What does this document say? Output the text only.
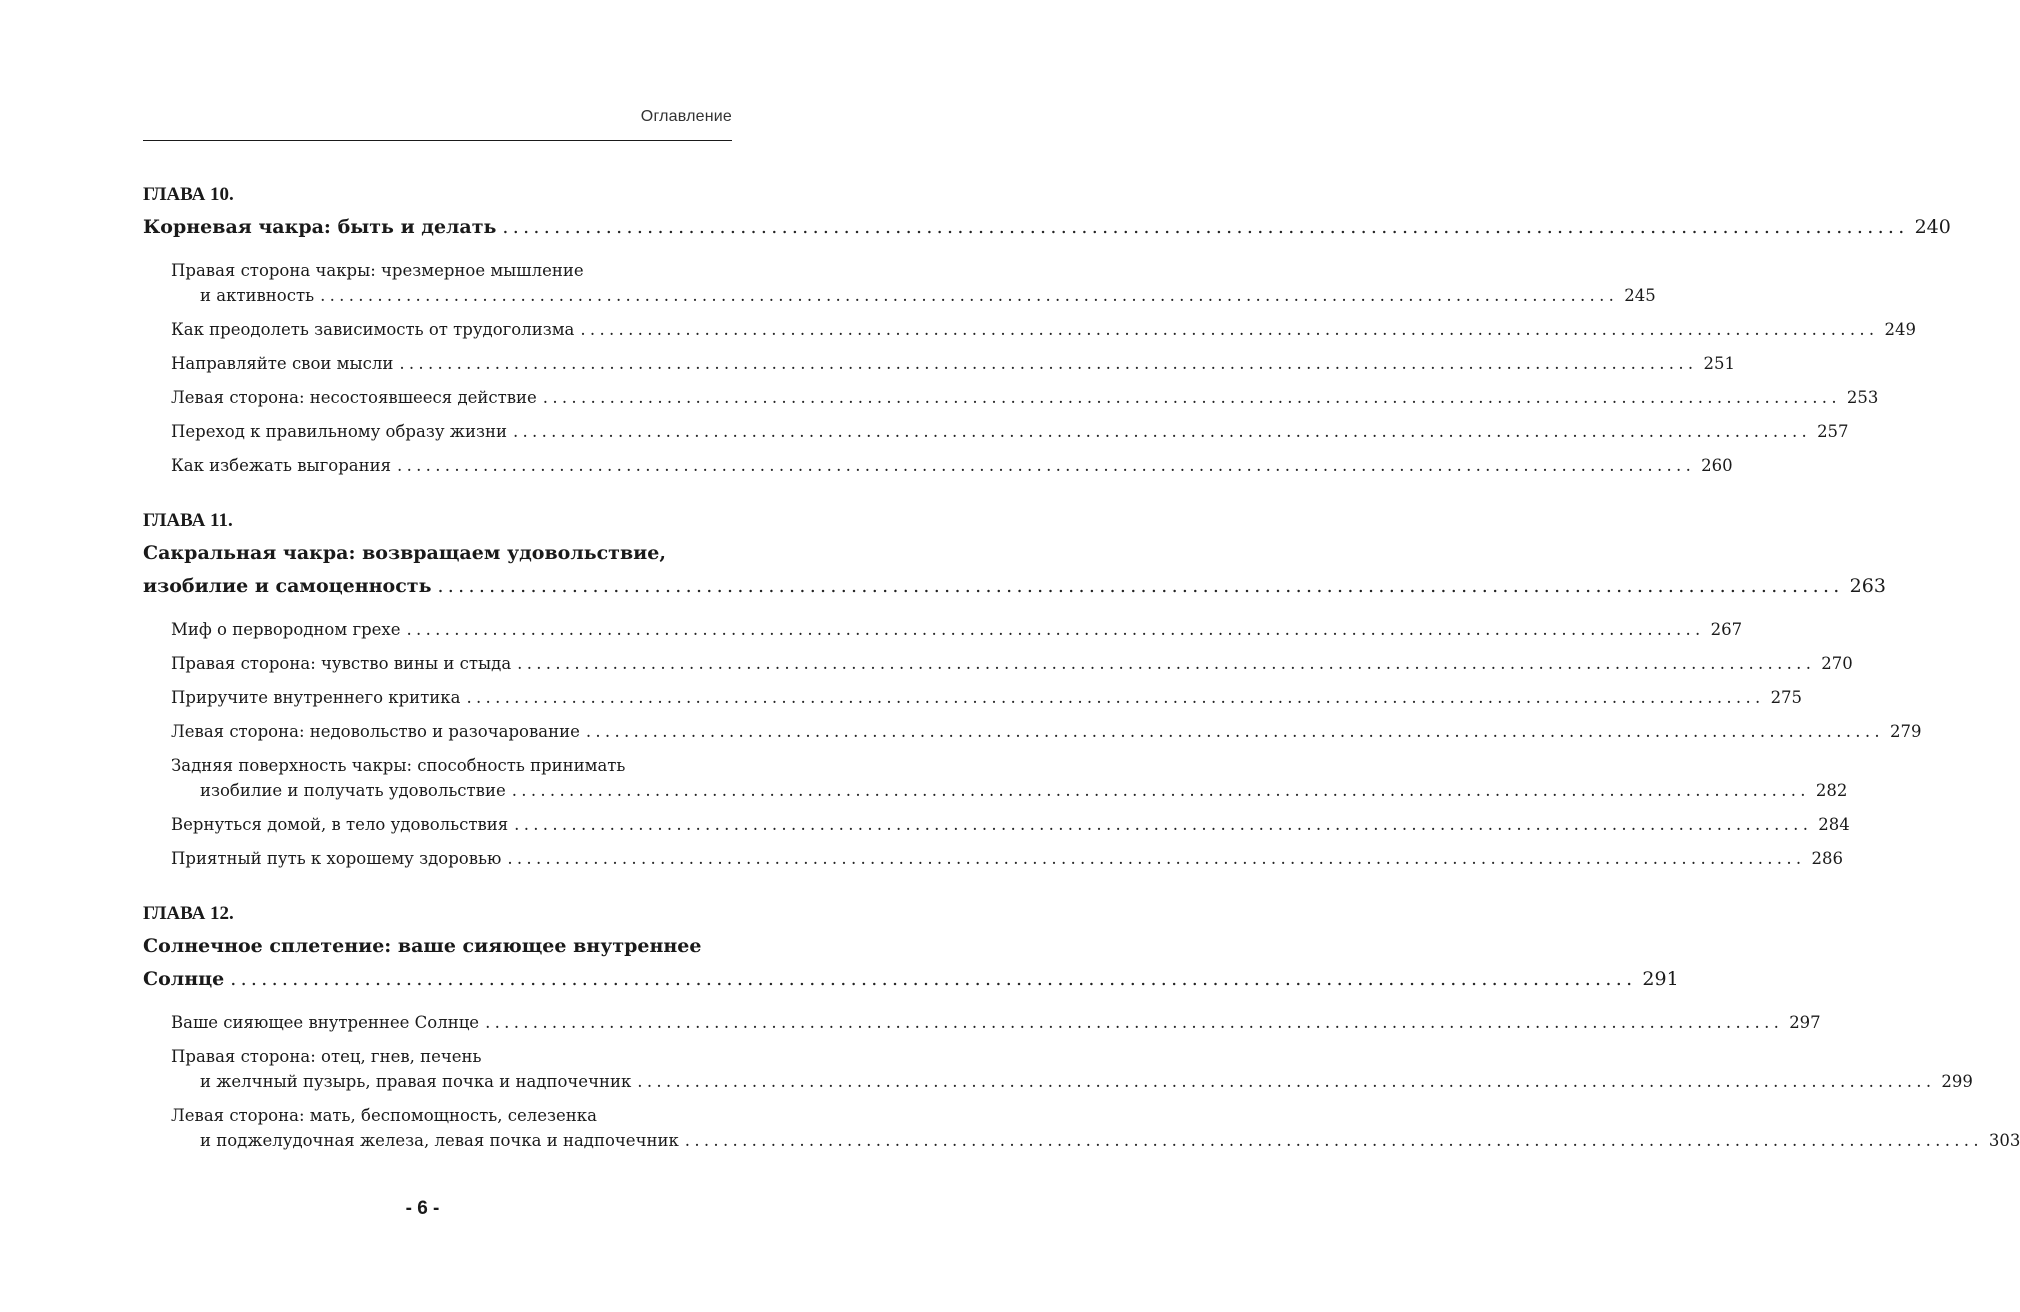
Оглавление
ГЛАВА 10.
Корневая чакра: быть и делать .....	240
Правая сторона чакры: чрезмерное мышление
и активность .....	245
Как преодолеть зависимость от трудоголизма .....	249
Направляйте свои мысли .....	251
Левая сторона: несостоявшееся действие .....	253
Переход к правильному образу жизни .....	257
Как избежать выгорания .....	260
ГЛАВА 11.
Сакральная чакра: возвращаем удовольствие,
изобилие и самоценность .....	263
Миф о первородном грехе .....	267
Правая сторона: чувство вины и стыда .....	270
Приручите внутреннего критика .....	275
Левая сторона: недовольство и разочарование .....	279
Задняя поверхность чакры: способность принимать
изобилие и получать удовольствие .....	282
Вернуться домой, в тело удовольствия .....	284
Приятный путь к хорошему здоровью .....	286
ГЛАВА 12.
Солнечное сплетение: ваше сияющее внутреннее
Солнце .....	291
Ваше сияющее внутреннее Солнце .....	297
Правая сторона: отец, гнев, печень
и желчный пузырь, правая почка и надпочечник .....	299
Левая сторона: мать, беспомощность, селезенка
и поджелудочная железа, левая почка и надпочечник .....	303
- 6 -
